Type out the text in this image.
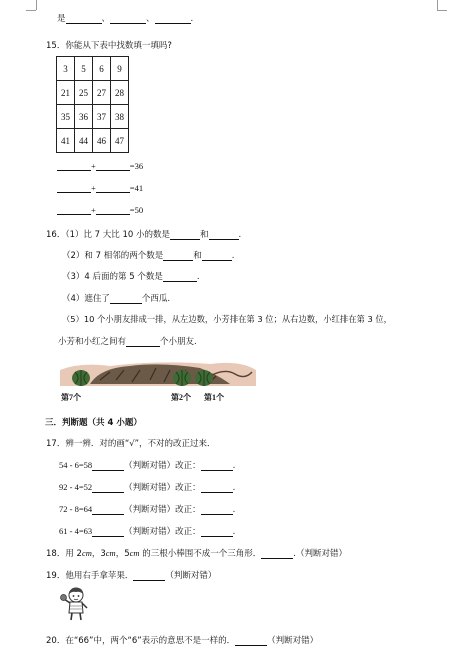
是	、	、	.
15．你能从下表中找数填一填吗?
3	5	6	9
21	25	27	28
35	36	37	38
41	44	46	47
+	=36
+	=41
+	=50
16．（1）比 7 大比 10 小的数是	和	.
（2）和 7 相邻的两个数是	和	.
（3）4 后面的第 5 个数是	.
（4）遮住了	个西瓜.
（5）10 个小朋友排成一排，从左边数，小芳排在第 3 位；从右边数，小红排在第 3 位，
小芳和小红之间有	个小朋友.
第7个	第2个 第1个
三．判断题（共 4 小题）
17．辨一辨．对的画“√”，不对的改正过来．
54 - 6=58	（判断对错）改正：	.
92 - 4=52	（判断对错）改正：	.
72 - 8=64	（判断对错）改正：	.
61 - 4=63	（判断对错）改正：	.
18．用 2cm，3cm，5cm 的三根小棒围不成一个三角形．	.（判断对错）
19．他用右手拿苹果．	（判断对错）
20．在“66”中，两个“6”表示的意思不是一样的．	（判断对错）
